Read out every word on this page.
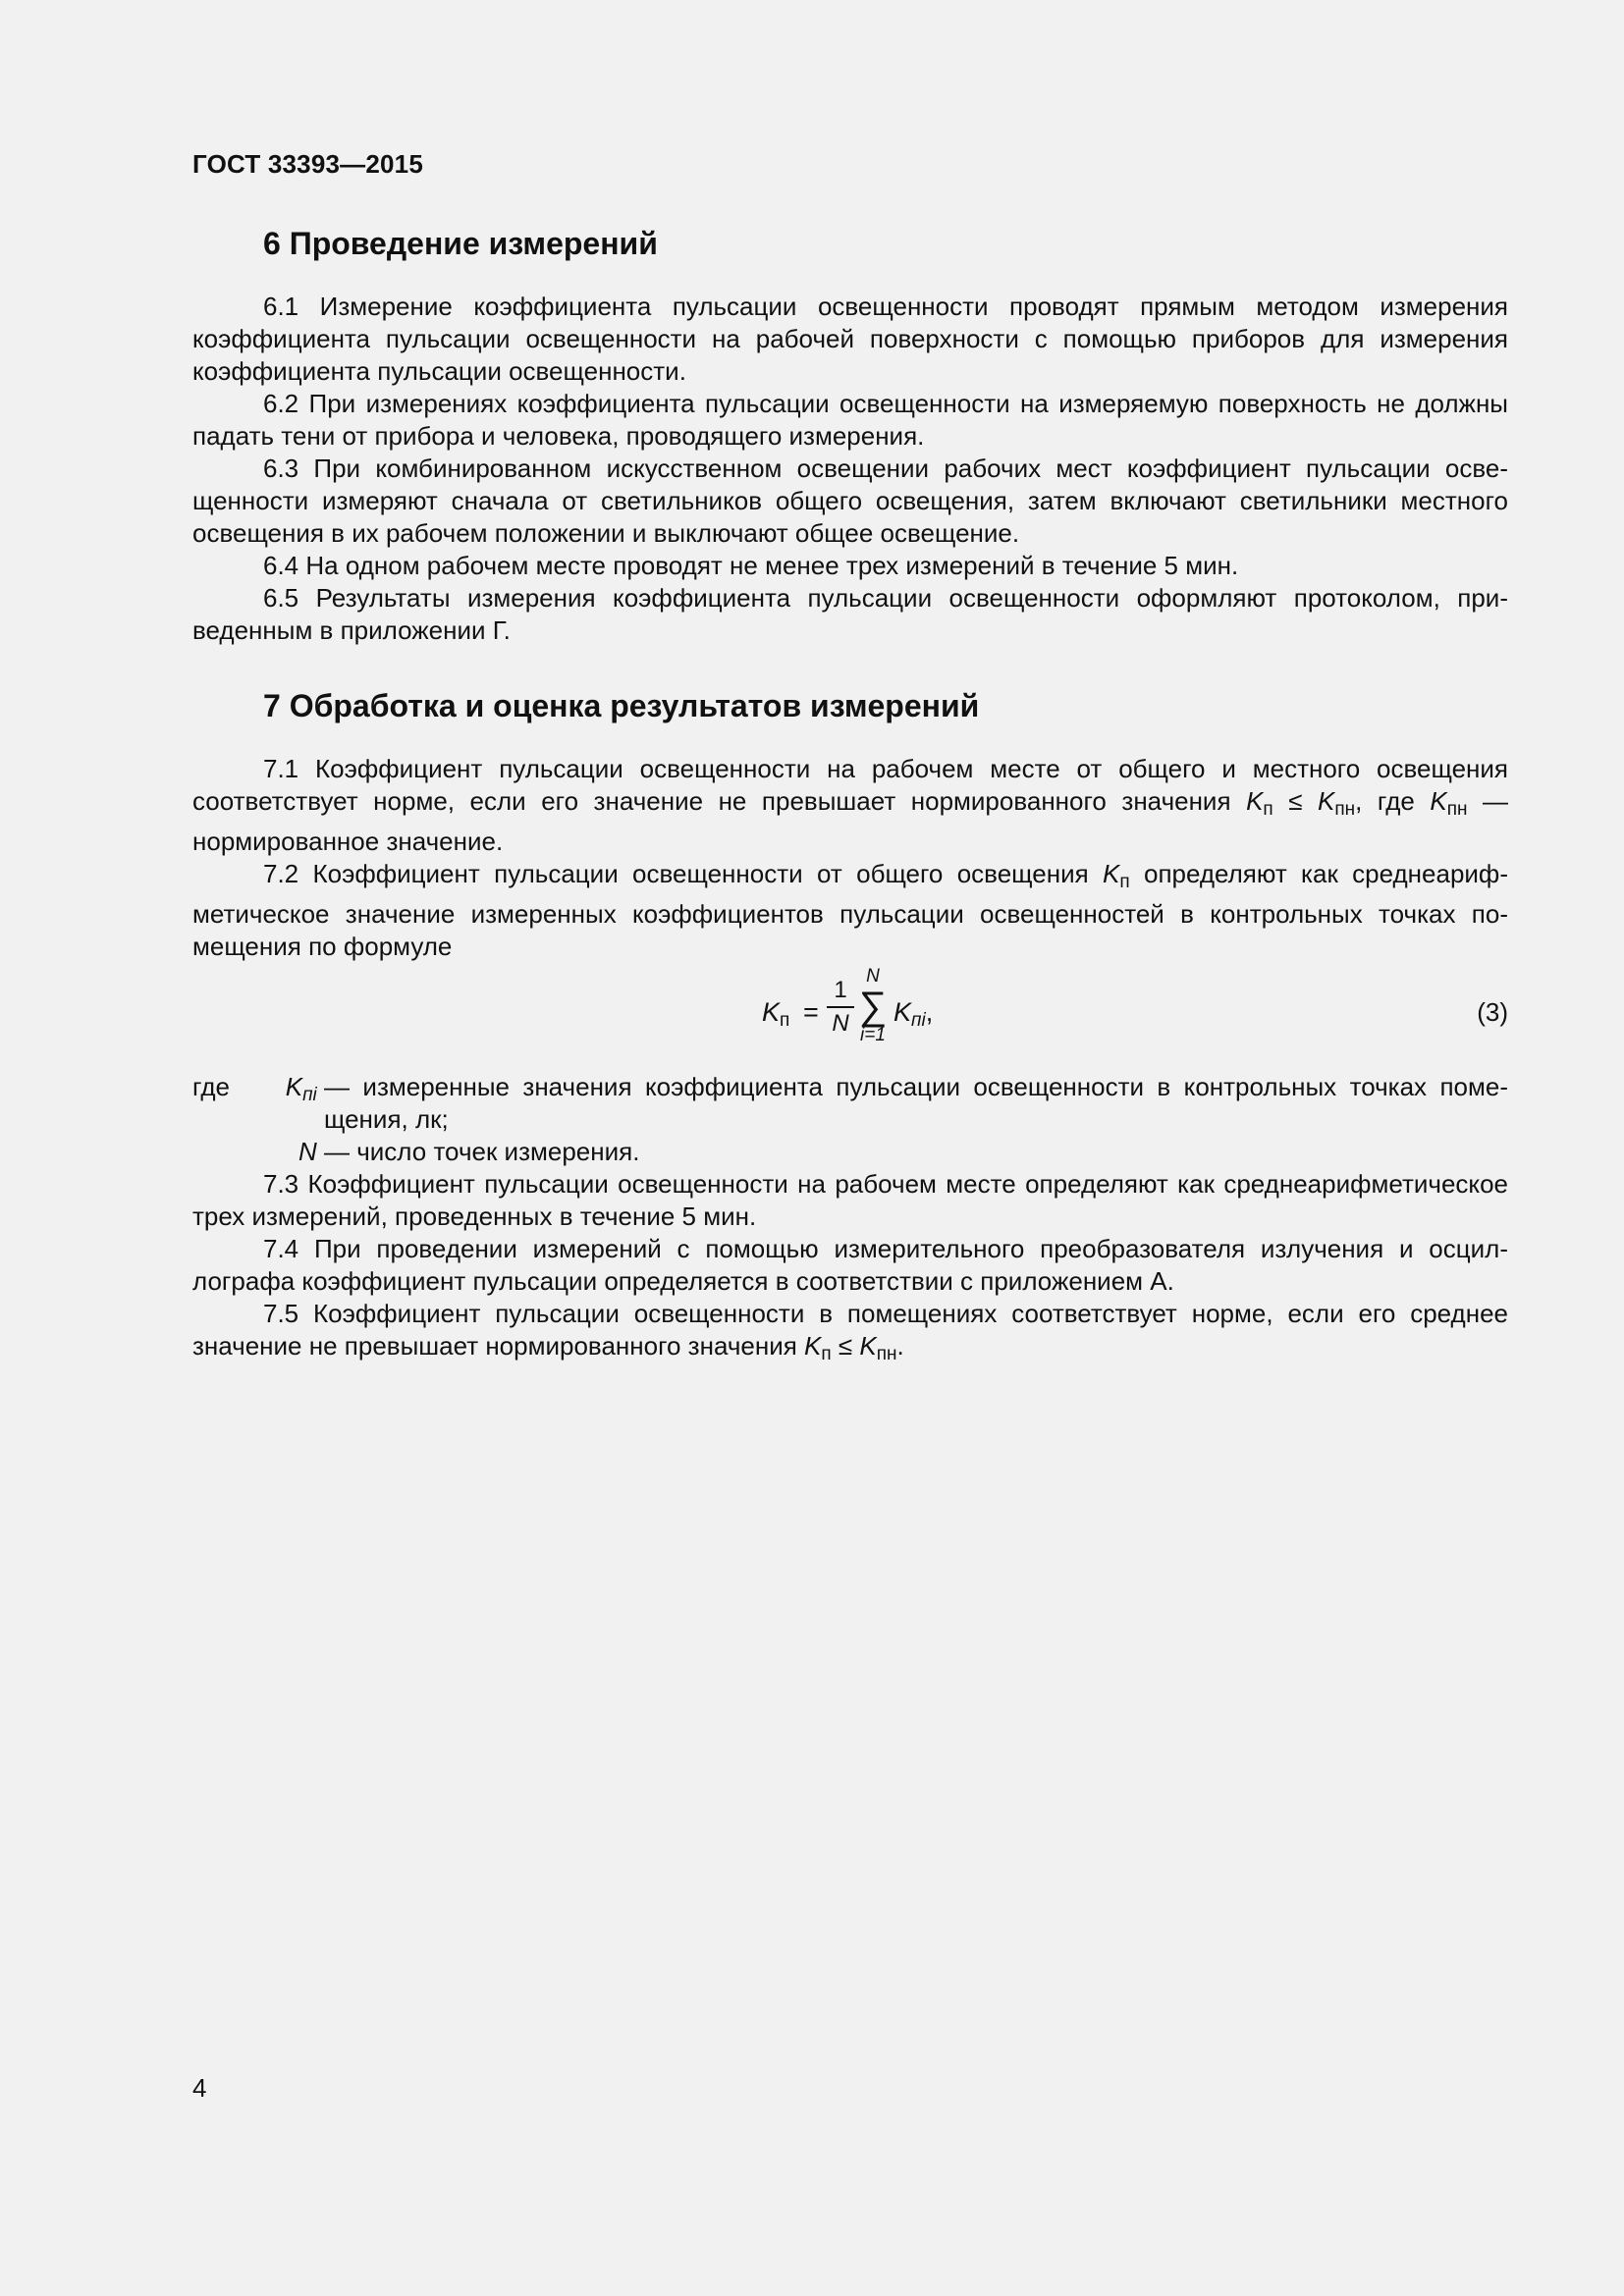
ГОСТ 33393—2015
6 Проведение измерений

6.1 Измерение коэффициента пульсации освещенности проводят прямым методом измерения коэффициента пульсации освещенности на рабочей поверхности с помощью приборов для измерения коэффициента пульсации освещенности.

6.2 При измерениях коэффициента пульсации освещенности на измеряемую поверхность не должны падать тени от прибора и человека, проводящего измерения.

6.3 При комбинированном искусственном освещении рабочих мест коэффициент пульсации освещенности измеряют сначала от светильников общего освещения, затем включают светильники местного освещения в их рабочем положении и выключают общее освещение.

6.4 На одном рабочем месте проводят не менее трех измерений в течение 5 мин.

6.5 Результаты измерения коэффициента пульсации освещенности оформляют протоколом, приведенным в приложении Г.

7 Обработка и оценка результатов измерений

7.1 Коэффициент пульсации освещенности на рабочем месте от общего и местного освещения соответствует норме, если его значение не превышает нормированного значения $K_п \le K_{пн}$, где $K_{пн}$ — нормированное значение.

7.2 Коэффициент пульсации освещенности от общего освещения $K_п$ определяют как среднеарифметическое значение измеренных коэффициентов пульсации освещенностей в контрольных точках помещения по формуле

$K_п$ =
1
N
N
∑
i=1
$K_{пi}$,	(3)
где $K_{пi}$ — измеренные значения коэффициента пульсации освещенности в контрольных точках помещения, лк;
N — число точек измерения.

7.3 Коэффициент пульсации освещенности на рабочем месте определяют как среднеарифметическое трех измерений, проведенных в течение 5 мин.

7.4 При проведении измерений с помощью измерительного преобразователя излучения и осциллографа коэффициент пульсации определяется в соответствии с приложением А.

7.5 Коэффициент пульсации освещенности в помещениях соответствует норме, если его среднее значение не превышает нормированного значения $K_п \le K_{пн}$.

4
